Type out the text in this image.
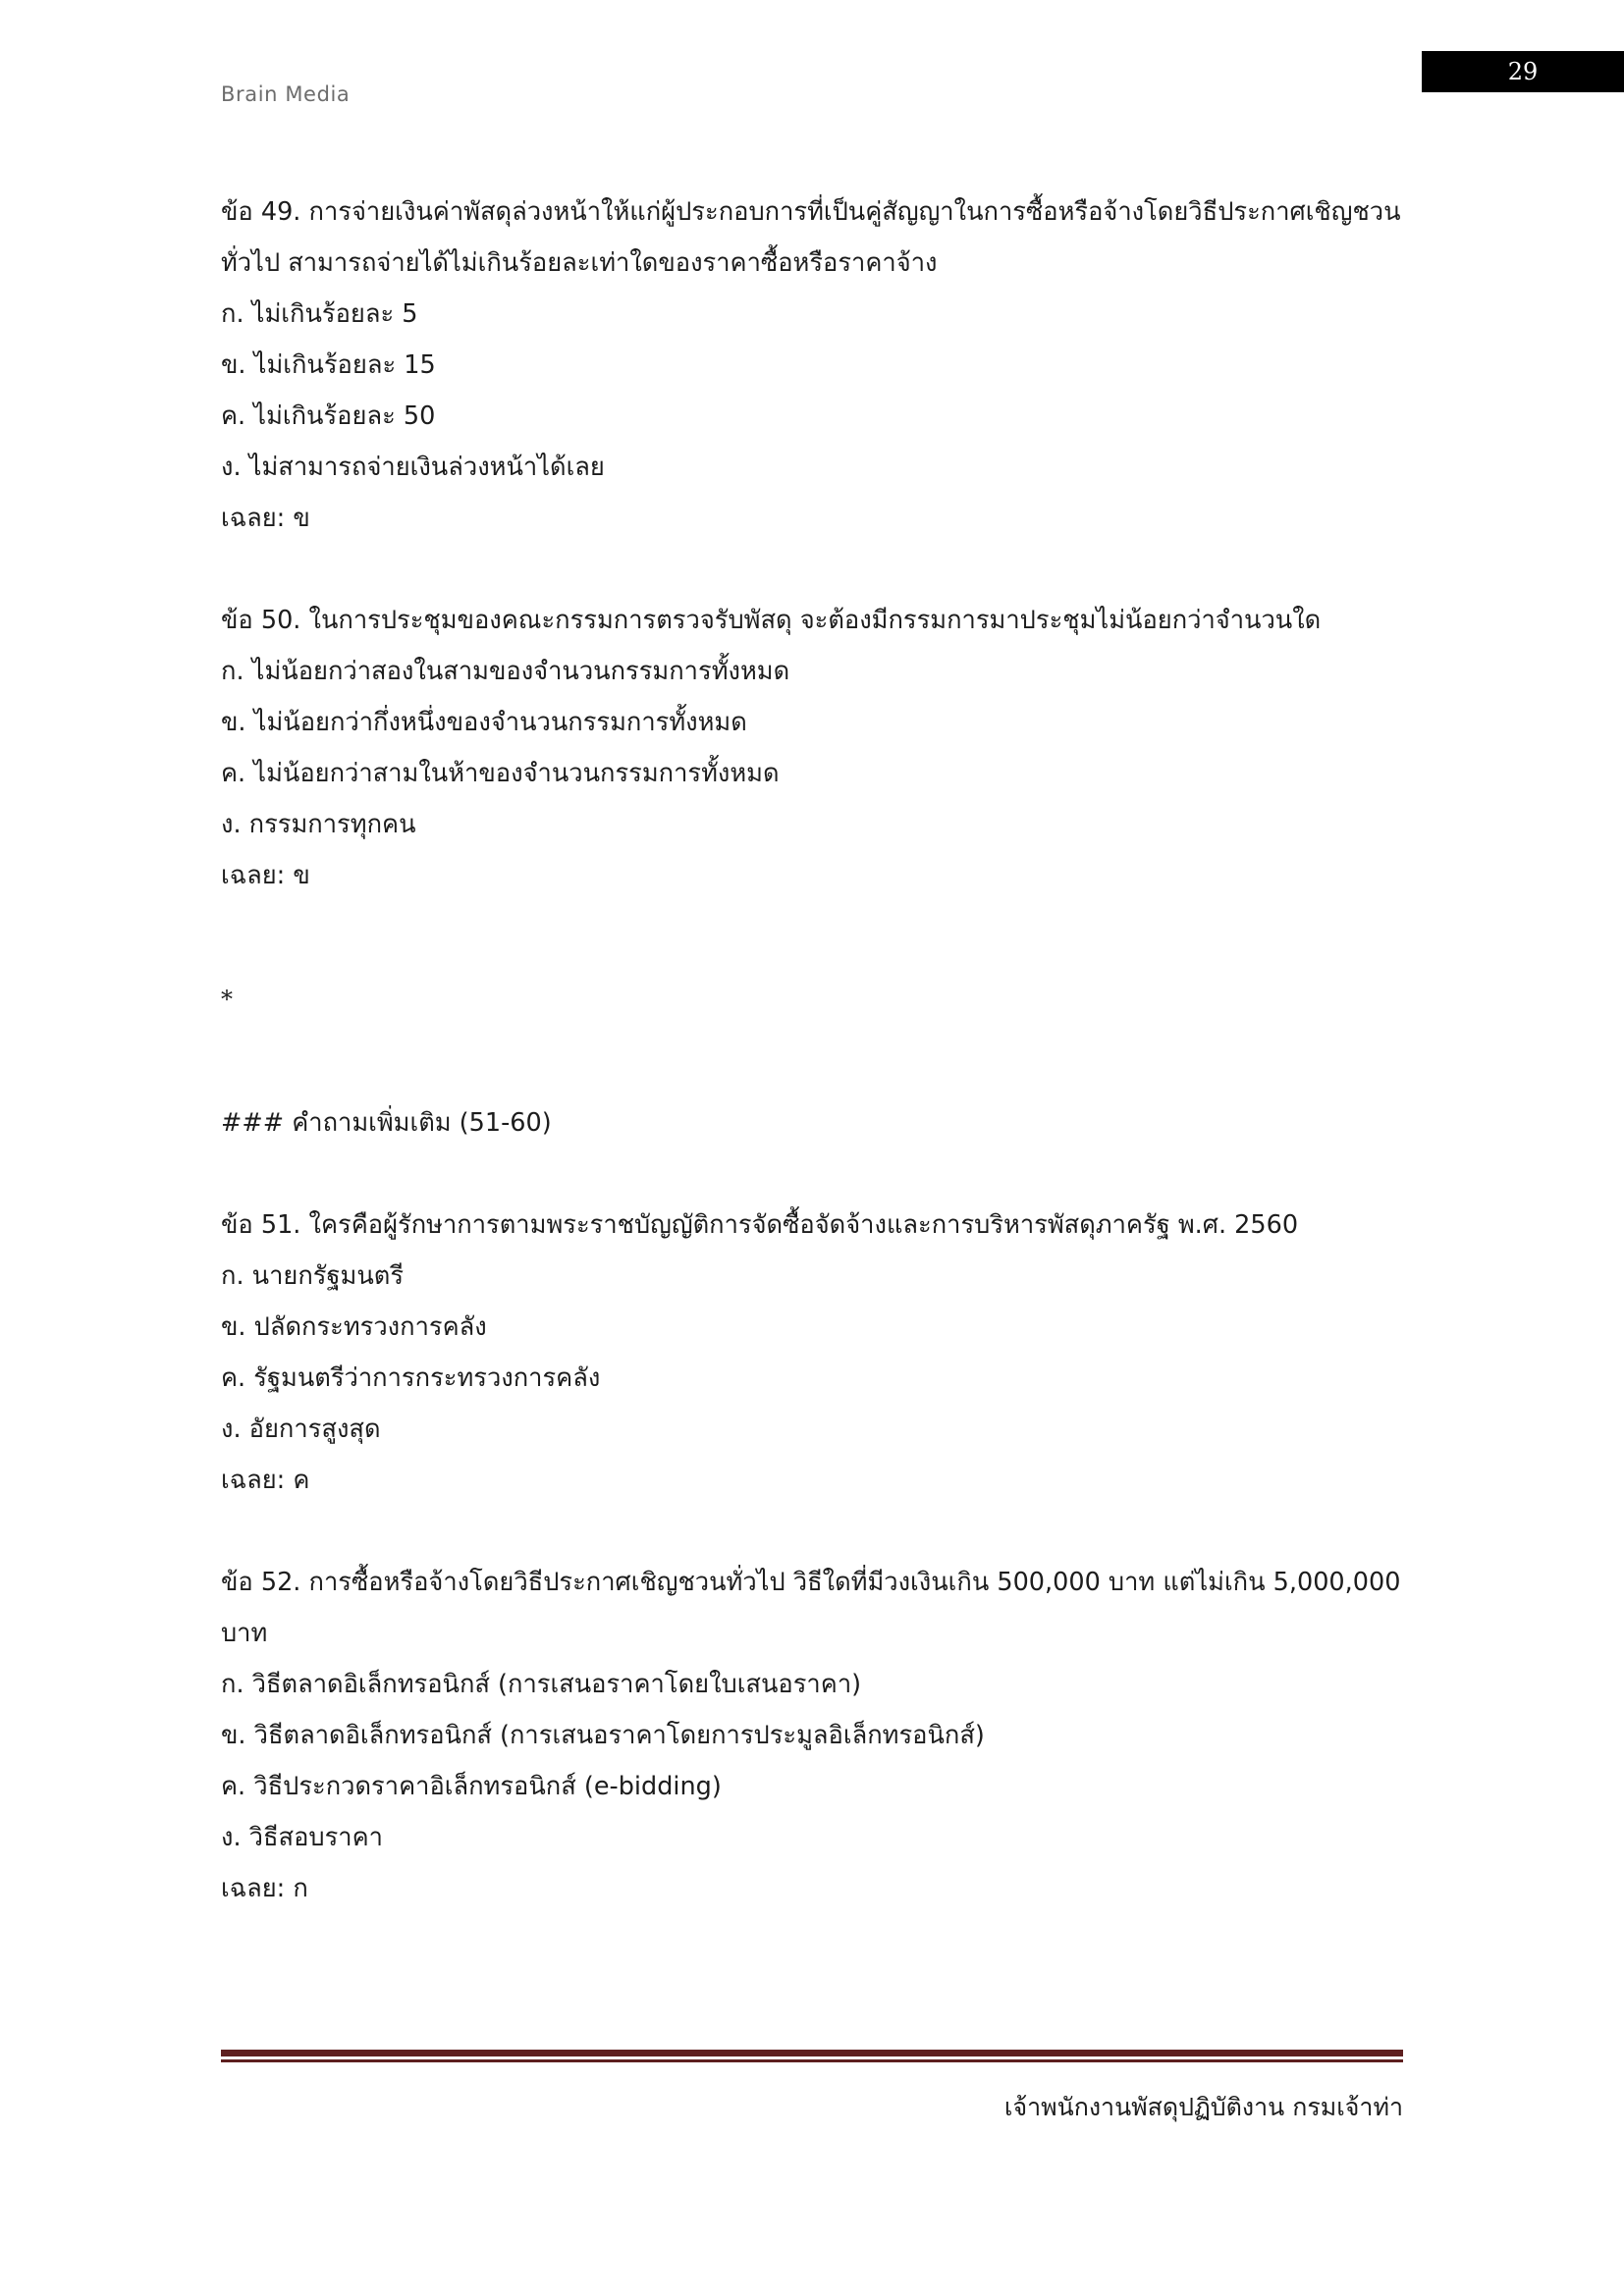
Brain Media
29
ข้อ 49. การจ่ายเงินค่าพัสดุล่วงหน้าให้แก่ผู้ประกอบการที่เป็นคู่สัญญาในการซื้อหรือจ้างโดยวิธีประกาศเชิญชวนทั่วไป สามารถจ่ายได้ไม่เกินร้อยละเท่าใดของราคาซื้อหรือราคาจ้าง
ก. ไม่เกินร้อยละ 5
ข. ไม่เกินร้อยละ 15
ค. ไม่เกินร้อยละ 50
ง. ไม่สามารถจ่ายเงินล่วงหน้าได้เลย
เฉลย: ข
ข้อ 50. ในการประชุมของคณะกรรมการตรวจรับพัสดุ จะต้องมีกรรมการมาประชุมไม่น้อยกว่าจำนวนใด
ก. ไม่น้อยกว่าสองในสามของจำนวนกรรมการทั้งหมด
ข. ไม่น้อยกว่ากึ่งหนึ่งของจำนวนกรรมการทั้งหมด
ค. ไม่น้อยกว่าสามในห้าของจำนวนกรรมการทั้งหมด
ง. กรรมการทุกคน
เฉลย: ข
*
### คำถามเพิ่มเติม (51-60)
ข้อ 51. ใครคือผู้รักษาการตามพระราชบัญญัติการจัดซื้อจัดจ้างและการบริหารพัสดุภาครัฐ พ.ศ. 2560
ก. นายกรัฐมนตรี
ข. ปลัดกระทรวงการคลัง
ค. รัฐมนตรีว่าการกระทรวงการคลัง
ง. อัยการสูงสุด
เฉลย: ค
ข้อ 52. การซื้อหรือจ้างโดยวิธีประกาศเชิญชวนทั่วไป วิธีใดที่มีวงเงินเกิน 500,000 บาท แต่ไม่เกิน 5,000,000 บาท
ก. วิธีตลาดอิเล็กทรอนิกส์ (การเสนอราคาโดยใบเสนอราคา)
ข. วิธีตลาดอิเล็กทรอนิกส์ (การเสนอราคาโดยการประมูลอิเล็กทรอนิกส์)
ค. วิธีประกวดราคาอิเล็กทรอนิกส์ (e-bidding)
ง. วิธีสอบราคา
เฉลย: ก
เจ้าพนักงานพัสดุปฏิบัติงาน กรมเจ้าท่า
